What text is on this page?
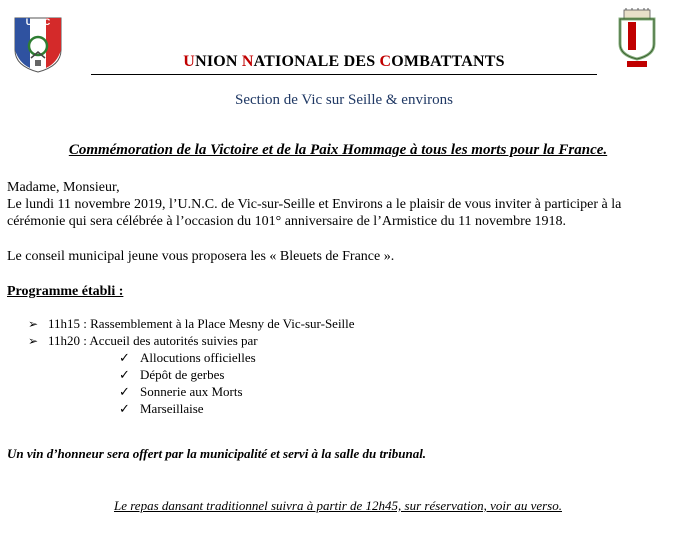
U N C
UNION NATIONALE DES COMBATTANTS
Section de Vic sur Seille & environs
Commémoration de la Victoire et de la Paix Hommage à tous les morts pour la France.
Madame, Monsieur,
Le lundi 11 novembre 2019, l’U.N.C. de Vic-sur-Seille et Environs a le plaisir de vous inviter à participer à la
cérémonie qui sera célébrée à l’occasion du 101° anniversaire de l’Armistice du 11 novembre 1918.
Le conseil municipal jeune vous proposera les « Bleuets de France ».
Programme établi :
➢ 11h15 : Rassemblement à la Place Mesny de Vic-sur-Seille
➢ 11h20 : Accueil des autorités suivies par
✓ Allocutions officielles
✓ Dépôt de gerbes
✓ Sonnerie aux Morts
✓ Marseillaise
Un vin d’honneur sera offert par la municipalité et servi à la salle du tribunal.
Le repas dansant traditionnel suivra à partir de 12h45, sur réservation, voir au verso.
